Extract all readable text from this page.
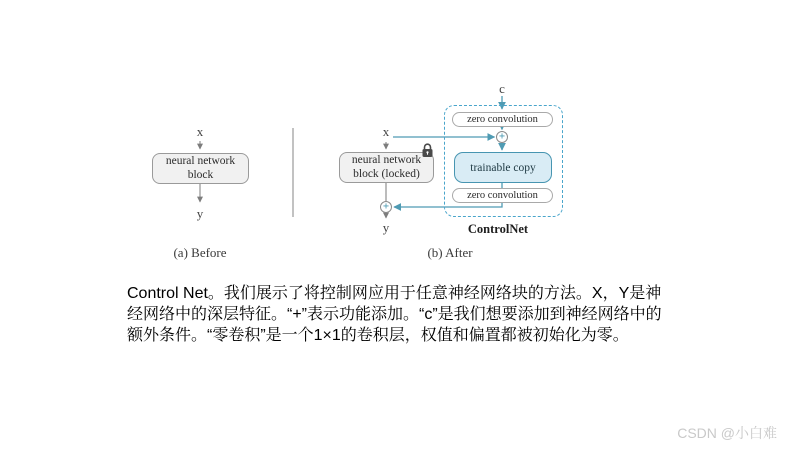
x
neural network
block
y
(a) Before
c
zero convolution
x	+
neural network
block (locked)	trainable copy
zero convolution
+
y	ControlNet
(b) After
Control Net。我们展示了将控制网应用于任意神经网络块的方法。X，Y是神
经网络中的深层特征。“+”表示功能添加。“c”是我们想要添加到神经网络中的
额外条件。“零卷积”是一个1×1的卷积层，权值和偏置都被初始化为零。
CSDN @小白难
